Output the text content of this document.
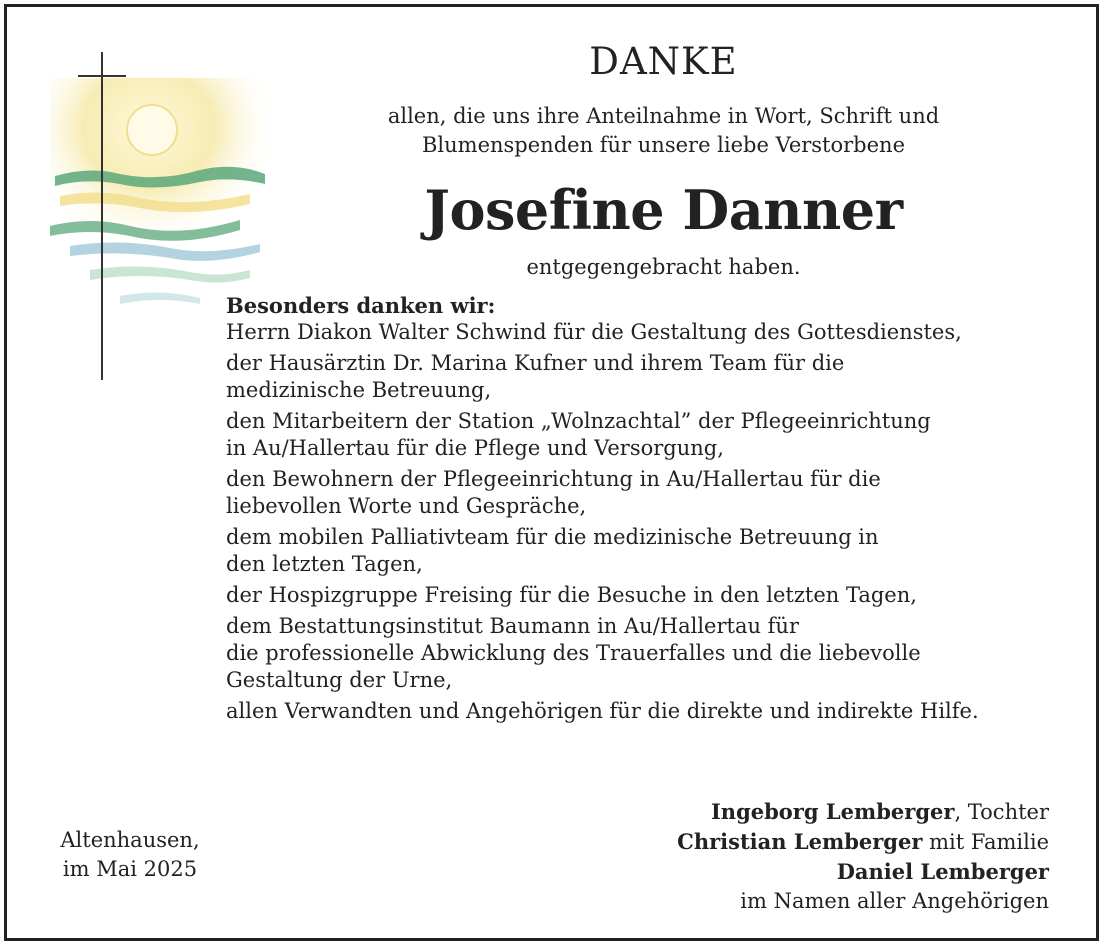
DANKE
allen, die uns ihre Anteilnahme in Wort, Schrift und
Blumenspenden für unsere liebe Verstorbene
Josefine Danner
entgegengebracht haben.
Besonders danken wir:

Herrn Diakon Walter Schwind für die Gestaltung des Gottesdienstes,

der Hausärztin Dr. Marina Kufner und ihrem Team für die
medizinische Betreuung,

den Mitarbeitern der Station „Wolnzachtal” der Pflegeeinrichtung
in Au/Hallertau für die Pflege und Versorgung,

den Bewohnern der Pflegeeinrichtung in Au/Hallertau für die
liebevollen Worte und Gespräche,

dem mobilen Palliativteam für die medizinische Betreuung in
den letzten Tagen,

der Hospizgruppe Freising für die Besuche in den letzten Tagen,

dem Bestattungsinstitut Baumann in Au/Hallertau für
die professionelle Abwicklung des Trauerfalles und die liebevolle
Gestaltung der Urne,

allen Verwandten und Angehörigen für die direkte und indirekte Hilfe.

Altenhausen,
im Mai 2025
Ingeborg Lemberger, Tochter
Christian Lemberger mit Familie
Daniel Lemberger
im Namen aller Angehörigen
